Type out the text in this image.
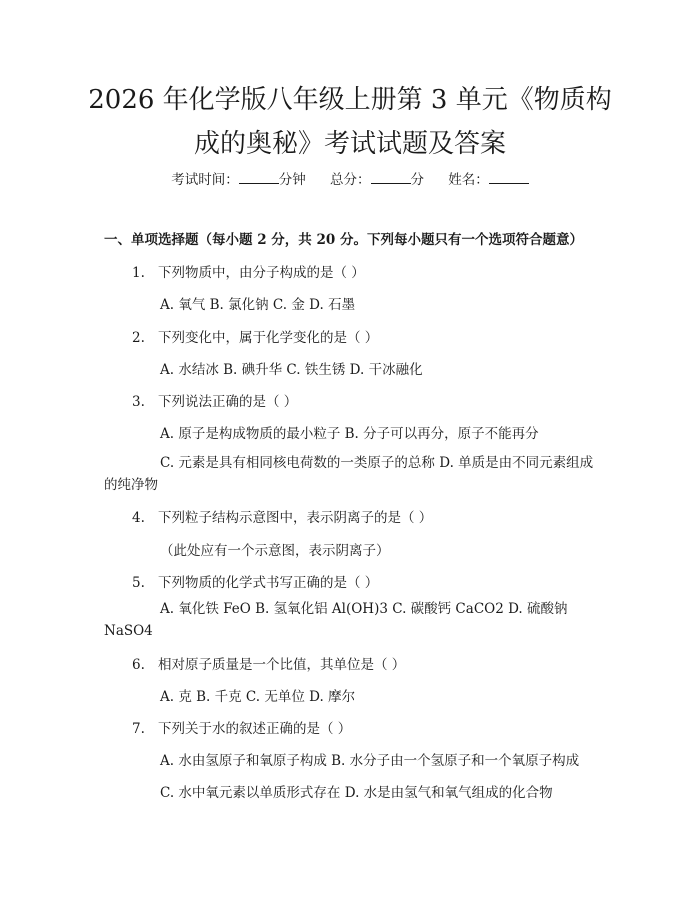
2026 年化学版八年级上册第 3 单元《物质构
成的奥秘》考试试题及答案
考试时间：	分钟 总分：	分 姓名：
一、单项选择题（每小题 2 分，共 20 分。下列每小题只有一个选项符合题意）
1. 下列物质中，由分子构成的是（ ）
A. 氧气 B. 氯化钠 C. 金 D. 石墨
2. 下列变化中，属于化学变化的是（ ）
A. 水结冰 B. 碘升华 C. 铁生锈 D. 干冰融化
3. 下列说法正确的是（ ）
A. 原子是构成物质的最小粒子 B. 分子可以再分，原子不能再分
C. 元素是具有相同核电荷数的一类原子的总称 D. 单质是由不同元素组成的纯净物
4. 下列粒子结构示意图中，表示阴离子的是（ ）
（此处应有一个示意图，表示阴离子）
5. 下列物质的化学式书写正确的是（ ）
A. 氧化铁 FeO B. 氢氧化铝 Al(OH)3 C. 碳酸钙 CaCO2 D. 硫酸钠 NaSO4
6. 相对原子质量是一个比值，其单位是（ ）
A. 克 B. 千克 C. 无单位 D. 摩尔
7. 下列关于水的叙述正确的是（ ）
A. 水由氢原子和氧原子构成 B. 水分子由一个氢原子和一个氧原子构成
C. 水中氧元素以单质形式存在 D. 水是由氢气和氧气组成的化合物
